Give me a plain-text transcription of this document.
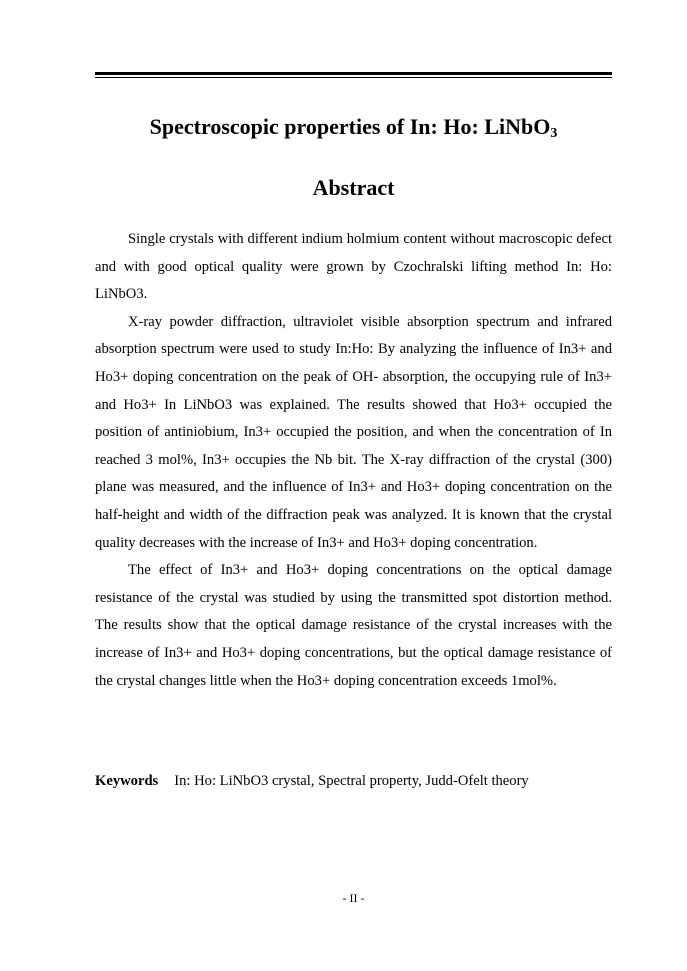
Spectroscopic properties of In: Ho: LiNbO$_3$
Abstract

Single crystals with different indium holmium content without macroscopic defect and with good optical quality were grown by Czochralski lifting method In: Ho: LiNbO3.

X-ray powder diffraction, ultraviolet visible absorption spectrum and infrared absorption spectrum were used to study In:Ho: By analyzing the influence of In3+ and Ho3+ doping concentration on the peak of OH- absorption, the occupying rule of In3+ and Ho3+ In LiNbO3 was explained. The results showed that Ho3+ occupied the position of antiniobium, In3+ occupied the position, and when the concentration of In reached 3 mol%, In3+ occupies the Nb bit. The X-ray diffraction of the crystal (300) plane was measured, and the influence of In3+ and Ho3+ doping concentration on the half-height and width of the diffraction peak was analyzed. It is known that the crystal quality decreases with the increase of In3+ and Ho3+ doping concentration.

The effect of In3+ and Ho3+ doping concentrations on the optical damage resistance of the crystal was studied by using the transmitted spot distortion method. The results show that the optical damage resistance of the crystal increases with the increase of In3+ and Ho3+ doping concentrations, but the optical damage resistance of the crystal changes little when the Ho3+ doping concentration exceeds 1mol%.

Keywords In: Ho: LiNbO3 crystal, Spectral property, Judd-Ofelt theory
- II -
